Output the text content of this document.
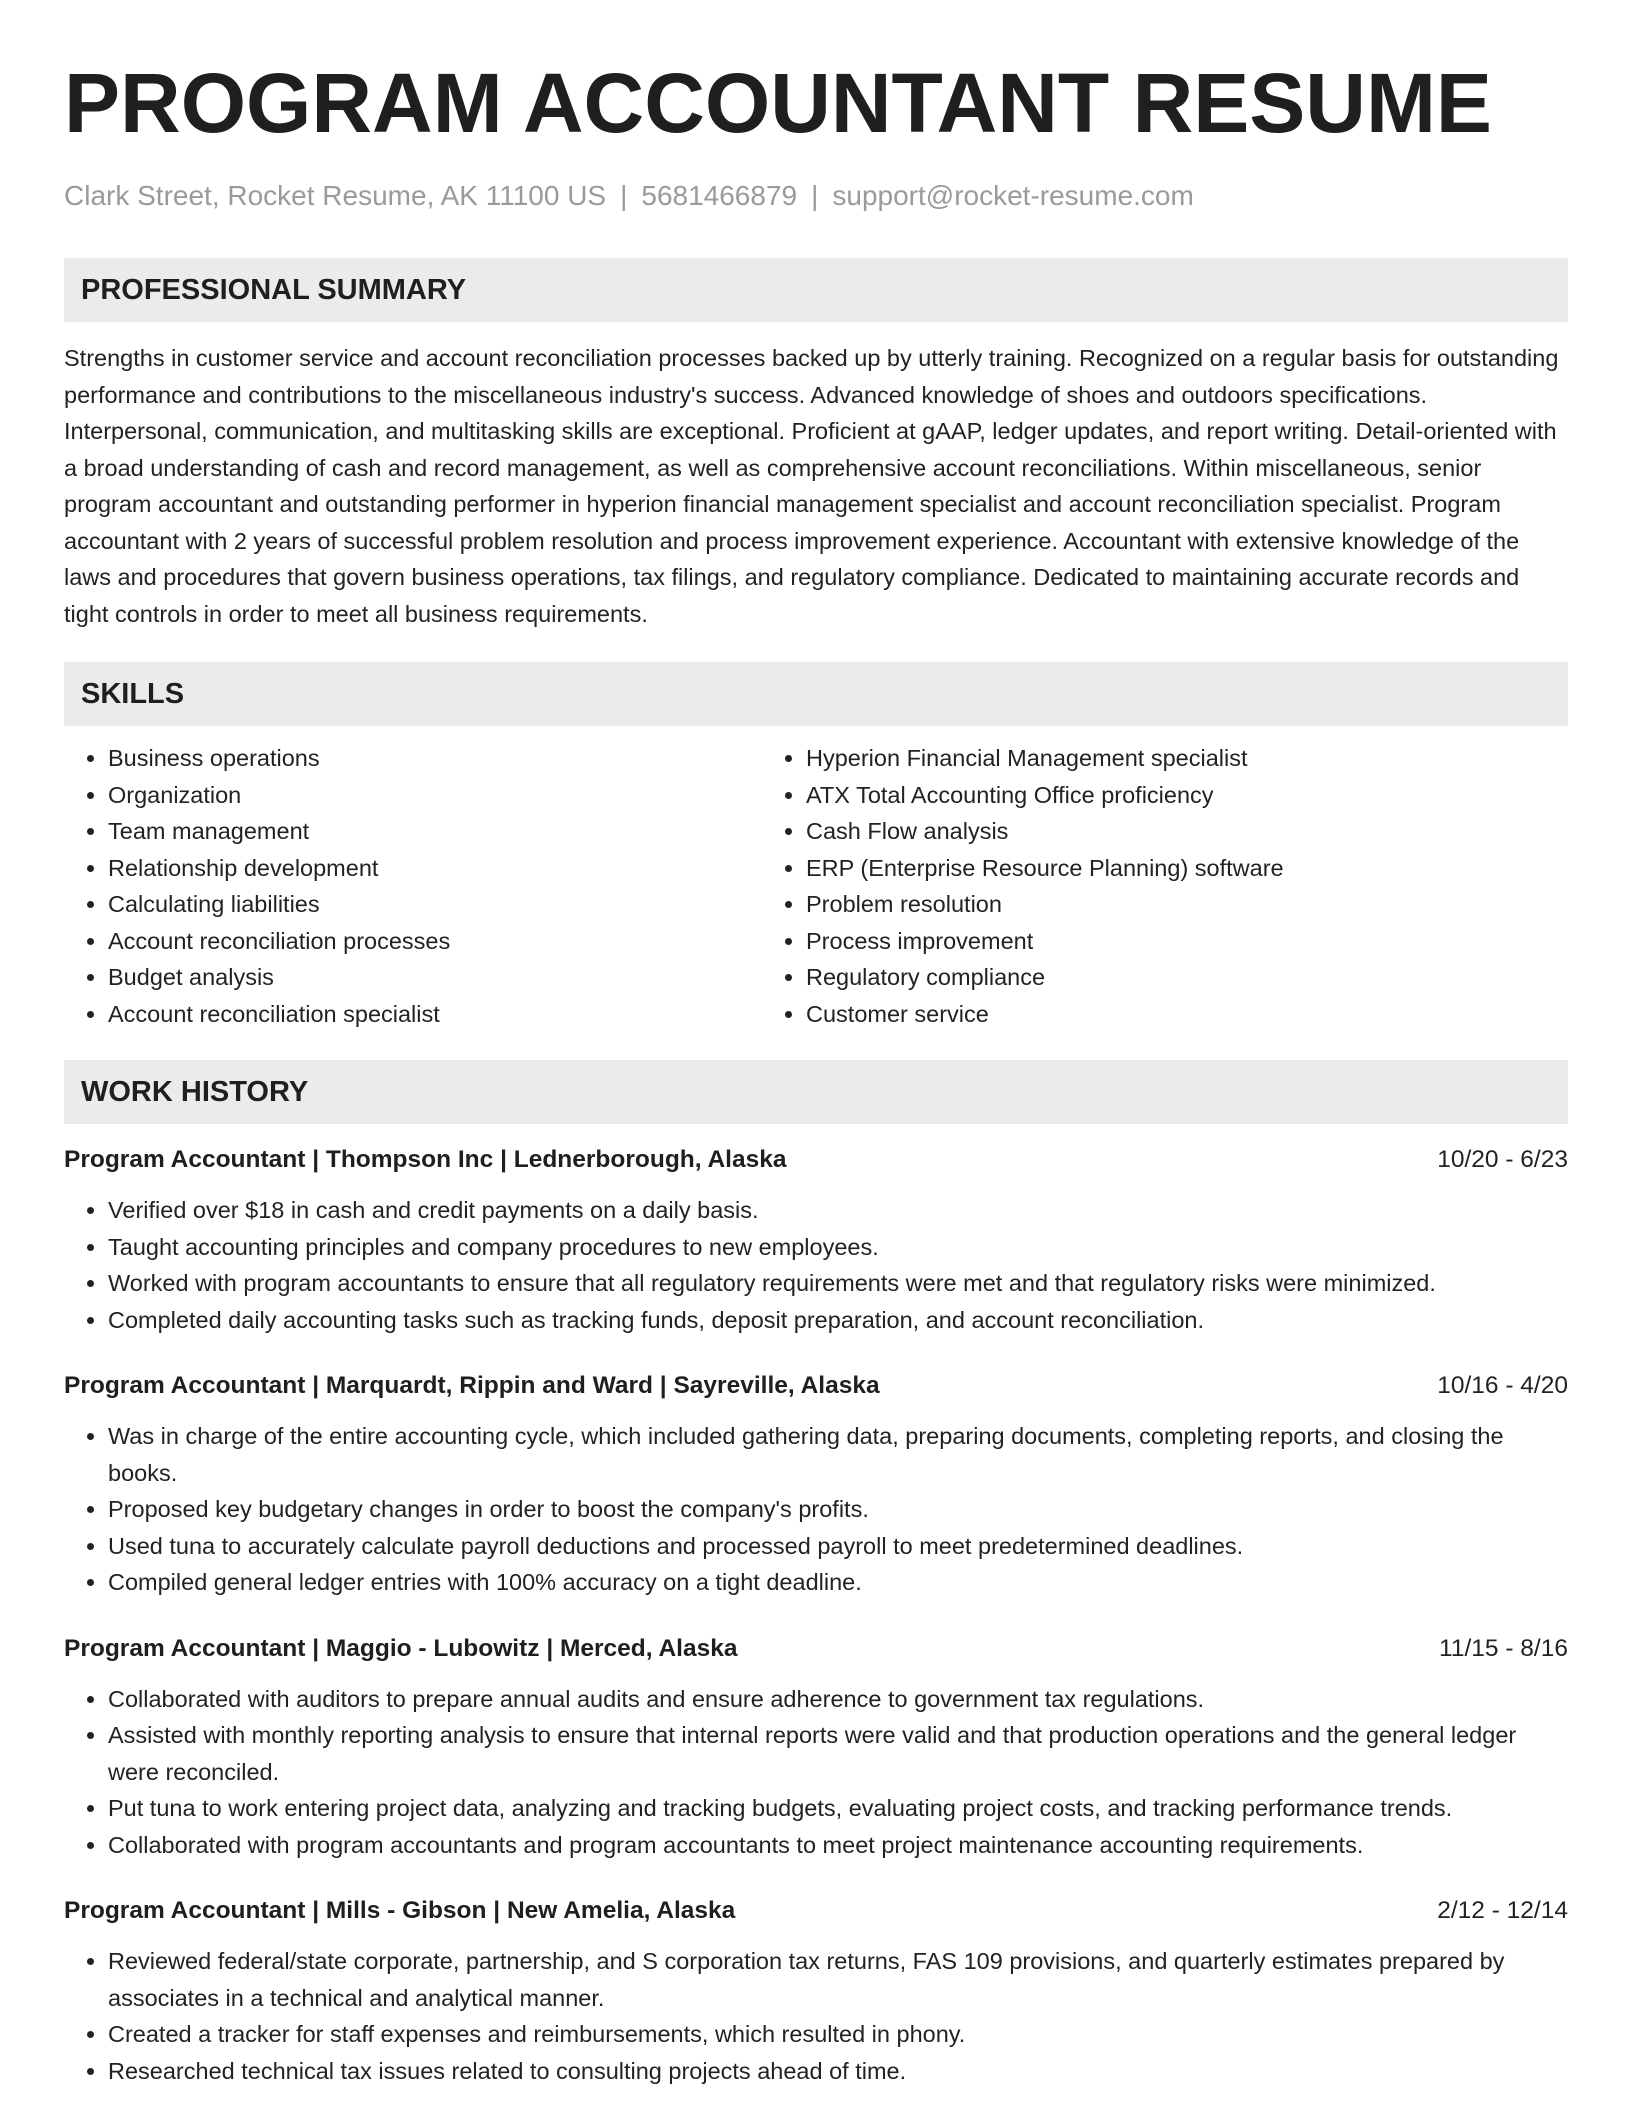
PROGRAM ACCOUNTANT RESUME
Clark Street, Rocket Resume, AK 11100 US | 5681466879 | support@rocket-resume.com
PROFESSIONAL SUMMARY
Strengths in customer service and account reconciliation processes backed up by utterly training. Recognized on a regular basis for outstanding performance and contributions to the miscellaneous industry's success. Advanced knowledge of shoes and outdoors specifications. Interpersonal, communication, and multitasking skills are exceptional. Proficient at gAAP, ledger updates, and report writing. Detail-oriented with a broad understanding of cash and record management, as well as comprehensive account reconciliations. Within miscellaneous, senior program accountant and outstanding performer in hyperion financial management specialist and account reconciliation specialist. Program accountant with 2 years of successful problem resolution and process improvement experience. Accountant with extensive knowledge of the laws and procedures that govern business operations, tax filings, and regulatory compliance. Dedicated to maintaining accurate records and tight controls in order to meet all business requirements.
SKILLS
• Business operations
• Organization
• Team management
• Relationship development
• Calculating liabilities
• Account reconciliation processes
• Budget analysis
• Account reconciliation specialist
• Hyperion Financial Management specialist
• ATX Total Accounting Office proficiency
• Cash Flow analysis
• ERP (Enterprise Resource Planning) software
• Problem resolution
• Process improvement
• Regulatory compliance
• Customer service
WORK HISTORY
Program Accountant | Thompson Inc | Lednerborough, Alaska	10/20 - 6/23
• Verified over $18 in cash and credit payments on a daily basis.
• Taught accounting principles and company procedures to new employees.
• Worked with program accountants to ensure that all regulatory requirements were met and that regulatory risks were minimized.
• Completed daily accounting tasks such as tracking funds, deposit preparation, and account reconciliation.
Program Accountant | Marquardt, Rippin and Ward | Sayreville, Alaska	10/16 - 4/20
• Was in charge of the entire accounting cycle, which included gathering data, preparing documents, completing reports, and closing the books.
• Proposed key budgetary changes in order to boost the company's profits.
• Used tuna to accurately calculate payroll deductions and processed payroll to meet predetermined deadlines.
• Compiled general ledger entries with 100% accuracy on a tight deadline.
Program Accountant | Maggio - Lubowitz | Merced, Alaska	11/15 - 8/16
• Collaborated with auditors to prepare annual audits and ensure adherence to government tax regulations.
• Assisted with monthly reporting analysis to ensure that internal reports were valid and that production operations and the general ledger were reconciled.
• Put tuna to work entering project data, analyzing and tracking budgets, evaluating project costs, and tracking performance trends.
• Collaborated with program accountants and program accountants to meet project maintenance accounting requirements.
Program Accountant | Mills - Gibson | New Amelia, Alaska	2/12 - 12/14
• Reviewed federal/state corporate, partnership, and S corporation tax returns, FAS 109 provisions, and quarterly estimates prepared by associates in a technical and analytical manner.
• Created a tracker for staff expenses and reimbursements, which resulted in phony.
• Researched technical tax issues related to consulting projects ahead of time.
